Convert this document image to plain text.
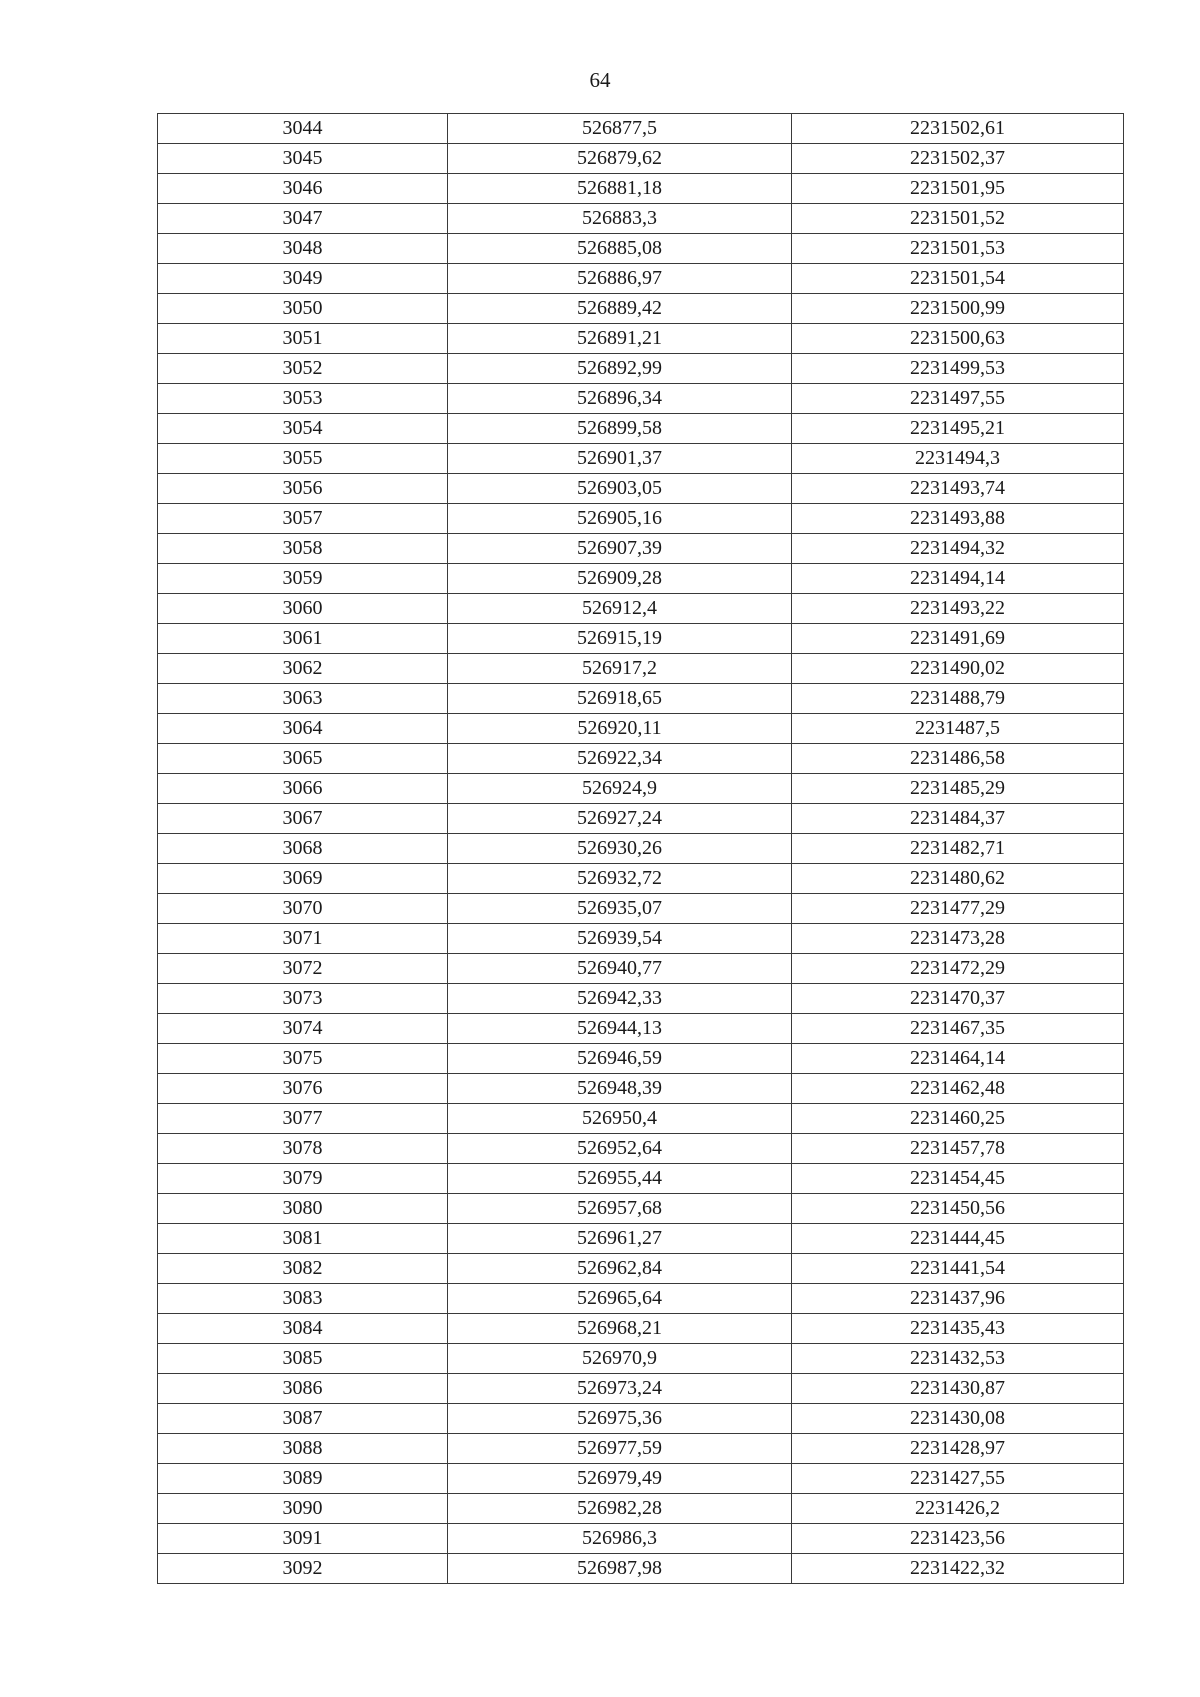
64
3044	526877,5	2231502,61
3045	526879,62	2231502,37
3046	526881,18	2231501,95
3047	526883,3	2231501,52
3048	526885,08	2231501,53
3049	526886,97	2231501,54
3050	526889,42	2231500,99
3051	526891,21	2231500,63
3052	526892,99	2231499,53
3053	526896,34	2231497,55
3054	526899,58	2231495,21
3055	526901,37	2231494,3
3056	526903,05	2231493,74
3057	526905,16	2231493,88
3058	526907,39	2231494,32
3059	526909,28	2231494,14
3060	526912,4	2231493,22
3061	526915,19	2231491,69
3062	526917,2	2231490,02
3063	526918,65	2231488,79
3064	526920,11	2231487,5
3065	526922,34	2231486,58
3066	526924,9	2231485,29
3067	526927,24	2231484,37
3068	526930,26	2231482,71
3069	526932,72	2231480,62
3070	526935,07	2231477,29
3071	526939,54	2231473,28
3072	526940,77	2231472,29
3073	526942,33	2231470,37
3074	526944,13	2231467,35
3075	526946,59	2231464,14
3076	526948,39	2231462,48
3077	526950,4	2231460,25
3078	526952,64	2231457,78
3079	526955,44	2231454,45
3080	526957,68	2231450,56
3081	526961,27	2231444,45
3082	526962,84	2231441,54
3083	526965,64	2231437,96
3084	526968,21	2231435,43
3085	526970,9	2231432,53
3086	526973,24	2231430,87
3087	526975,36	2231430,08
3088	526977,59	2231428,97
3089	526979,49	2231427,55
3090	526982,28	2231426,2
3091	526986,3	2231423,56
3092	526987,98	2231422,32
